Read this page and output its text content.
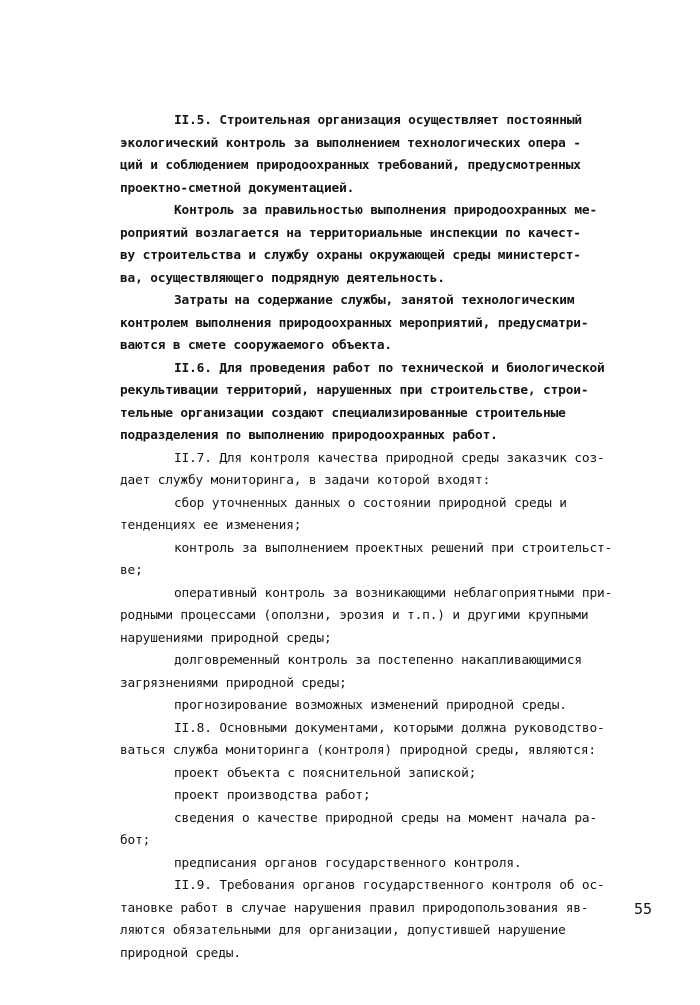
II.5. Строительная организация осуществляет постоянный
экологический контроль за выполнением технологических опера -
ций и соблюдением природоохранных требований, предусмотренных
проектно-сметной документацией.
Контроль за правильностью выполнения природоохранных ме-
роприятий возлагается на территориальные инспекции по качест-
ву строительства и службу охраны окружающей среды министерст-
ва, осуществляющего подрядную деятельность.
Затраты на содержание службы, занятой технологическим
контролем выполнения природоохранных мероприятий, предусматри-
ваются в смете сооружаемого объекта.
II.6. Для проведения работ по технической и биологической
рекультивации территорий, нарушенных при строительстве, строи-
тельные организации создают специализированные строительные
подразделения по выполнению природоохранных работ.
II.7. Для контроля качества природной среды заказчик соз-
дает службу мониторинга, в задачи которой входят:
сбор уточненных данных о состоянии природной среды и
тенденциях ее изменения;
контроль за выполнением проектных решений при строительст-
ве;
оперативный контроль за возникающими неблагоприятными при-
родными процессами (оползни, эрозия и т.п.) и другими крупными
нарушениями природной среды;
долговременный контроль за постепенно накапливающимися
загрязнениями природной среды;
прогнозирование возможных изменений природной среды.
II.8. Основными документами, которыми должна руководство-
ваться служба мониторинга (контроля) природной среды, являются:
проект объекта с пояснительной запиской;
проект производства работ;
сведения о качестве природной среды на момент начала ра-
бот;
предписания органов государственного контроля.
II.9. Требования органов государственного контроля об ос-
тановке работ в случае нарушения правил природопользования яв-
ляются обязательными для организации, допустившей нарушение
природной среды.
55
